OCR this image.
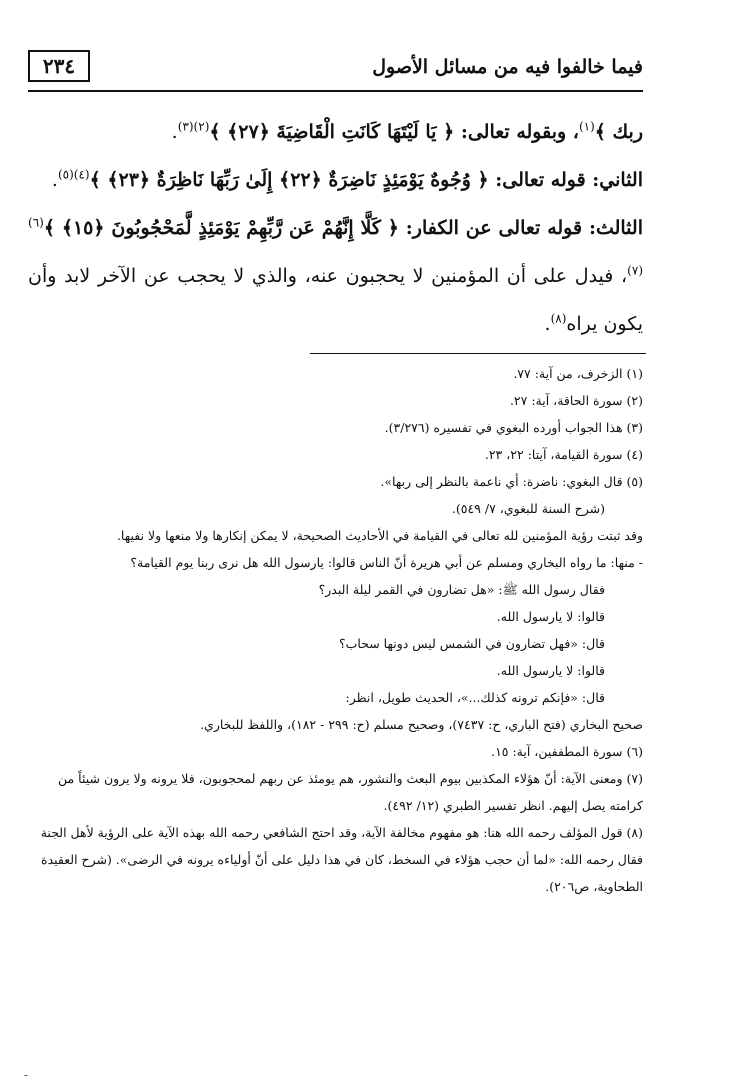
٢٣٤	فيما خالفوا فيه من مسائل الأصول

ربك ﴾$^{(١)}$، وبقوله تعالى: ﴿ يَا لَيْتَهَا كَانَتِ الْقَاضِيَةَ ﴿٢٧﴾ ﴾$^{(٢)(٣)}$.

الثاني: قوله تعالى: ﴿ وُجُوهٌ يَوْمَئِذٍ نَاضِرَةٌ ﴿٢٢﴾ إِلَىٰ رَبِّهَا نَاظِرَةٌ ﴿٢٣﴾ ﴾$^{(٤)(٥)}$.

الثالث: قوله تعالى عن الكفار: ﴿ كَلَّا إِنَّهُمْ عَن رَّبِّهِمْ يَوْمَئِذٍ لَّمَحْجُوبُونَ ﴿١٥﴾ ﴾$^{(٦)(٧)}$، فيدل على أن المؤمنين لا يحجبون عنه، والذي لا يحجب عن الآخر لابد وأن يكون يراه$^{(٨)}$.

(١) الزخرف، من آية: ٧٧.

(٢) سورة الحاقة، آية: ٢٧.

(٣) هذا الجواب أورده البغوي في تفسيره (٣/٢٧٦).

(٤) سورة القيامة، آيتا: ٢٢، ٢٣.

(٥) قال البغوي: ناضرة: أي ناعمة بالنظر إلى ربها».

(شرح السنة للبغوي، ٧/ ٥٤٩).

وقد ثبتت رؤية المؤمنين لله تعالى في القيامة في الأحاديث الصحيحة، لا يمكن إنكارها ولا منعها ولا نفيها.

- منها: ما رواه البخاري ومسلم عن أبي هريرة أنّ الناس قالوا: يارسول الله هل نرى ربنا يوم القيامة؟

فقال رسول الله ﷺ: «هل تضارون في القمر ليلة البدر؟

قالوا: لا يارسول الله.

قال: «فهل تضارون في الشمس ليس دونها سحاب؟

قالوا: لا يارسول الله.

قال: «فإنكم ترونه كذلك...»، الحديث طويل، انظر:

صحيح البخاري (فتح الباري، ح: ٧٤٣٧)، وصحيح مسلم (ح: ٢٩٩ - ١٨٢)، واللفظ للبخاري.

(٦) سورة المطففين، آية: ١٥.

(٧) ومعنى الآية: أنّ هؤلاء المكذبين بيوم البعث والنشور، هم يومئذ عن ربهم لمحجوبون، فلا يرونه ولا يرون شيئاً من كرامته يصل إليهم. انظر تفسير الطبري (١٢/ ٤٩٢).

(٨) قول المؤلف رحمه الله هنا: هو مفهوم مخالفة الآية، وقد احتج الشافعي رحمه الله بهذه الآية على الرؤية لأهل الجنة فقال رحمه الله: «لما أن حجب هؤلاء في السخط، كان في هذا دليل على أنّ أولياءه يرونه في الرضى». (شرح العقيدة الطحاوية، ص٢٠٦).

-
